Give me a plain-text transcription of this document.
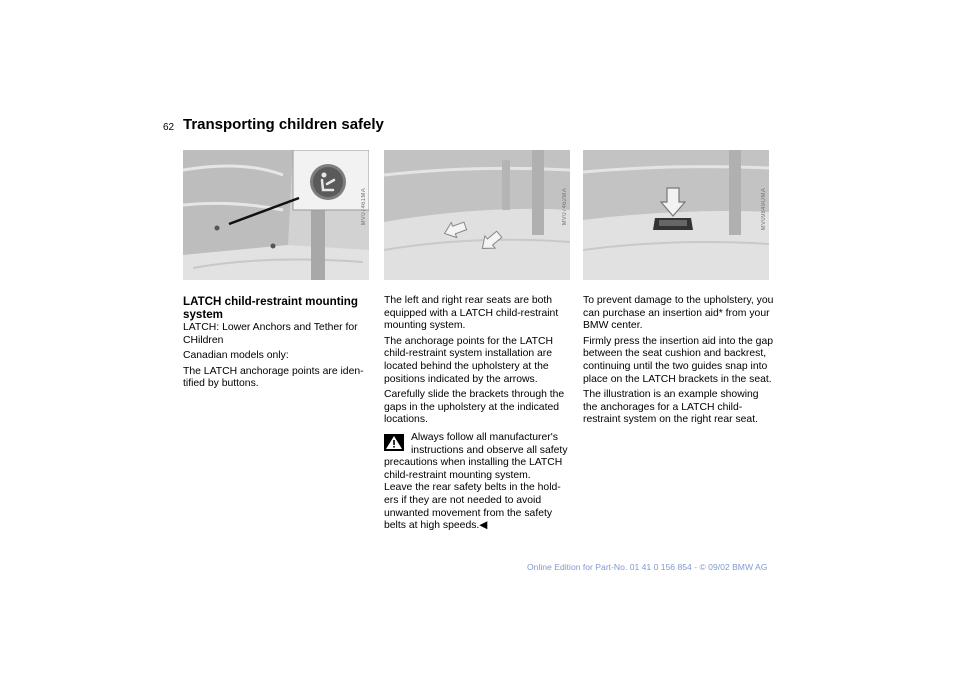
62 Transporting children safely
MV07461MA	MV07462MA	MV09849OMA
LATCH child-restraint mounting system

LATCH: Lower Anchors and Tether for CHildren

Canadian models only:

The LATCH anchorage points are iden-tified by buttons.

The left and right rear seats are both equipped with a LATCH child-restraint mounting system.

The anchorage points for the LATCH child-restraint system installation are located behind the upholstery at the positions indicated by the arrows.

Carefully slide the brackets through the gaps in the upholstery at the indicated locations.

Always follow all manufacturer's
instructions and observe all safety
precautions when installing the LATCH child-restraint mounting system.
Leave the rear safety belts in the hold-ers if they are not needed to avoid unwanted movement from the safety belts at high speeds.◀

To prevent damage to the upholstery, you can purchase an insertion aid* from your BMW center.

Firmly press the insertion aid into the gap between the seat cushion and backrest, continuing until the two guides snap into place on the LATCH brackets in the seat.

The illustration is an example showing the anchorages for a LATCH child-restraint system on the right rear seat.

Online Edition for Part-No. 01 41 0 156 854 - © 09/02 BMW AG
